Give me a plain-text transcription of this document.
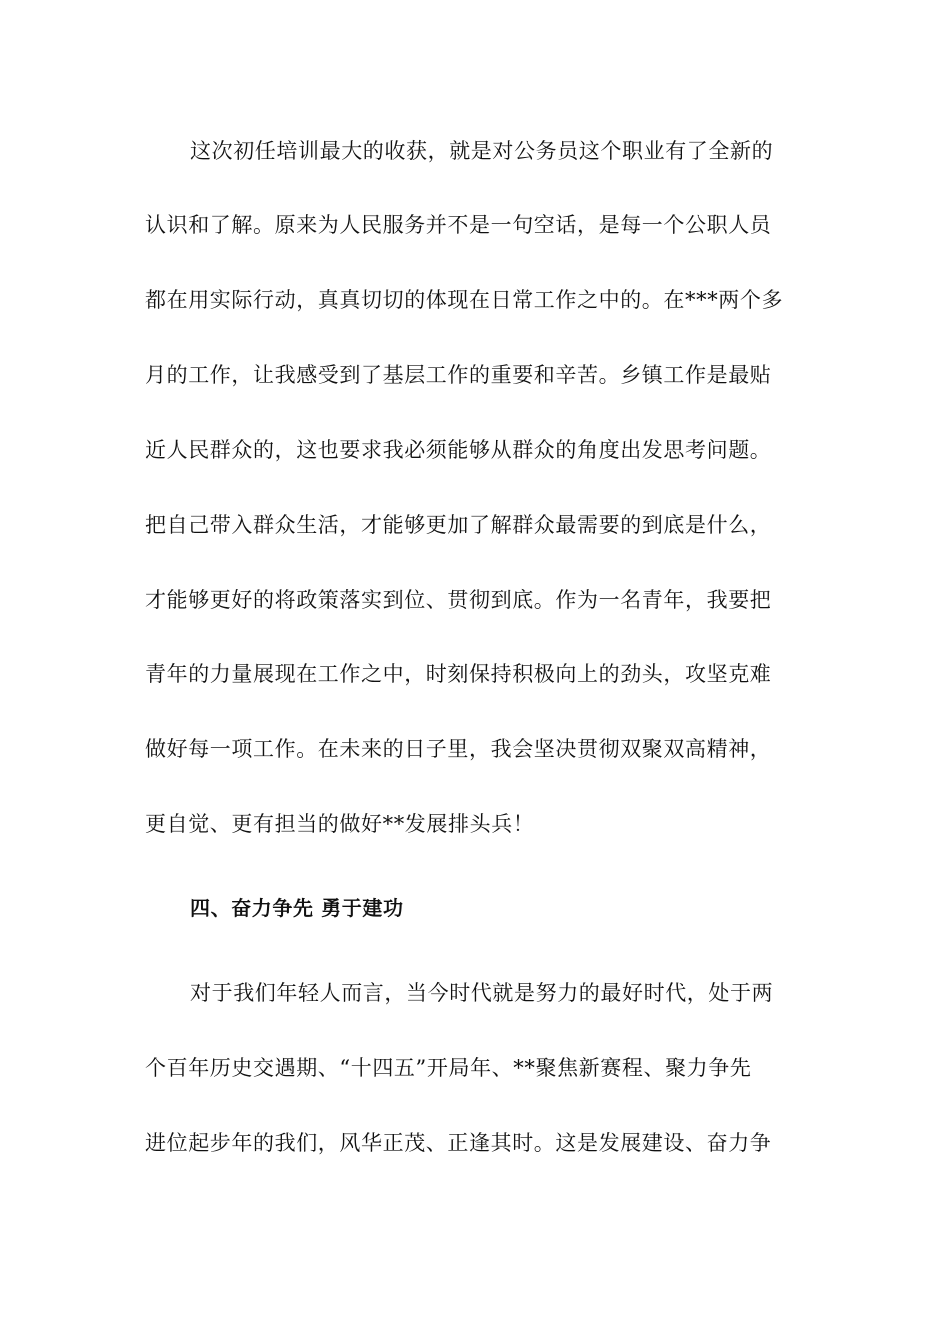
这次初任培训最大的收获，就是对公务员这个职业有了全新的
认识和了解。原来为人民服务并不是一句空话，是每一个公职人员
都在用实际行动，真真切切的体现在日常工作之中的。在***两个多
月的工作，让我感受到了基层工作的重要和辛苦。乡镇工作是最贴
近人民群众的，这也要求我必须能够从群众的角度出发思考问题。
把自己带入群众生活，才能够更加了解群众最需要的到底是什么，
才能够更好的将政策落实到位、贯彻到底。作为一名青年，我要把
青年的力量展现在工作之中，时刻保持积极向上的劲头，攻坚克难
做好每一项工作。在未来的日子里，我会坚决贯彻双聚双高精神，
更自觉、更有担当的做好**发展排头兵！
四、奋力争先 勇于建功
对于我们年轻人而言，当今时代就是努力的最好时代，处于两
个百年历史交遇期、“十四五”开局年、**聚焦新赛程、聚力争先
进位起步年的我们，风华正茂、正逢其时。这是发展建设、奋力争
